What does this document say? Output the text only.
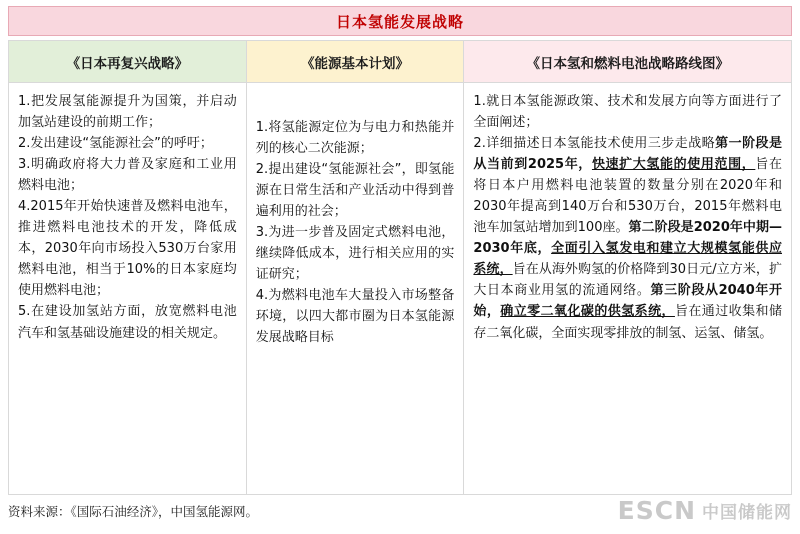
日本氢能发展战略
《日本再复兴战略》

1.把发展氢能源提升为国策，并启动 加氢站建设的前期工作；

2.发出建设“氢能源社会”的呼吁；

3.明确政府将大力普及家庭和工业用燃料电池；

4.2015年开始快速普及燃料电池车，推进燃料电池技术的开发，降低成本，2030年向市场投入530万台家用燃料电池，相当于10%的日本家庭均使用燃料电池；

5.在建设加氢站方面，放宽燃料电池汽车和氢基础设施建设的相关规定。

《能源基本计划》

1.将氢能源定位为与电力和热能并列的核心二次能源；

2.提出建设“氢能源社会”，即氢能源在日常生活和产业活动中得到普遍利用的社会；

3.为进一步普及固定式燃料电池，继续降低成本，进行相关应用的实证研究；

4.为燃料电池车大量投入市场整备环境，以四大都市圈为日本氢能源发展战略目标

《日本氢和燃料电池战略路线图》

1.就日本氢能源政策、技术和发展方向等方面进行了全面阐述；

2.详细描述日本氢能技术使用三步走战略第一阶段是从当前到2025年，快速扩大氢能的使用范围，旨在将日本户用燃料电池装置的数量分别在2020年和2030年提高到140万台和530万台，2015年燃料电池车加氢站增加到100座。第二阶段是2020年中期—2030年底，全面引入氢发电和建立大规模氢能供应系统，旨在从海外购氢的价格降到30日元/立方米，扩大日本商业用氢的流通网络。第三阶段从2040年开始，确立零二氧化碳的供氢系统，旨在通过收集和储存二氧化碳，全面实现零排放的制氢、运氢、储氢。

资料来源：《国际石油经济》，中国氢能源网。	ESCN 中国储能网
